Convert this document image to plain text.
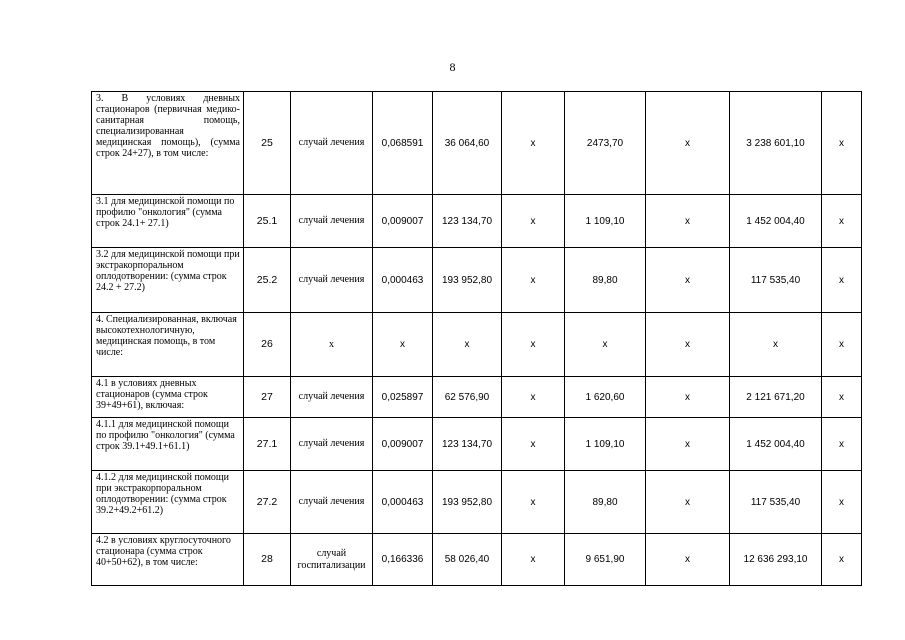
8
3. В условиях дневных стационаров (первичная медико-санитарная помощь, специализированная медицинская помощь), (сумма строк 24+27), в том числе:	25	случай лечения	0,068591	36 064,60	х	2473,70	х	3 238 601,10	х
3.1 для медицинской помощи по профилю "онкология" (сумма строк 24.1+ 27.1)	25.1	случай лечения	0,009007	123 134,70	х	1 109,10	х	1 452 004,40	х
3.2 для медицинской помощи при экстракорпоральном оплодотворении: (сумма строк 24.2 + 27.2)	25.2	случай лечения	0,000463	193 952,80	х	89,80	х	117 535,40	х
4. Специализированная, включая высокотехнологичную, медицинская помощь, в том числе:	26	х	х	х	х	х	х	х	х
4.1 в условиях дневных стационаров (сумма строк 39+49+61), включая:	27	случай лечения	0,025897	62 576,90	х	1 620,60	х	2 121 671,20	х
4.1.1 для медицинской помощи по профилю "онкология" (сумма строк 39.1+49.1+61.1)	27.1	случай лечения	0,009007	123 134,70	х	1 109,10	х	1 452 004,40	х
4.1.2 для медицинской помощи при экстракорпоральном оплодотворении: (сумма строк 39.2+49.2+61.2)	27.2	случай лечения	0,000463	193 952,80	х	89,80	х	117 535,40	х
4.2 в условиях круглосуточного стационара (сумма строк 40+50+62), в том числе:	28	случай госпитализации	0,166336	58 026,40	х	9 651,90	х	12 636 293,10	х
